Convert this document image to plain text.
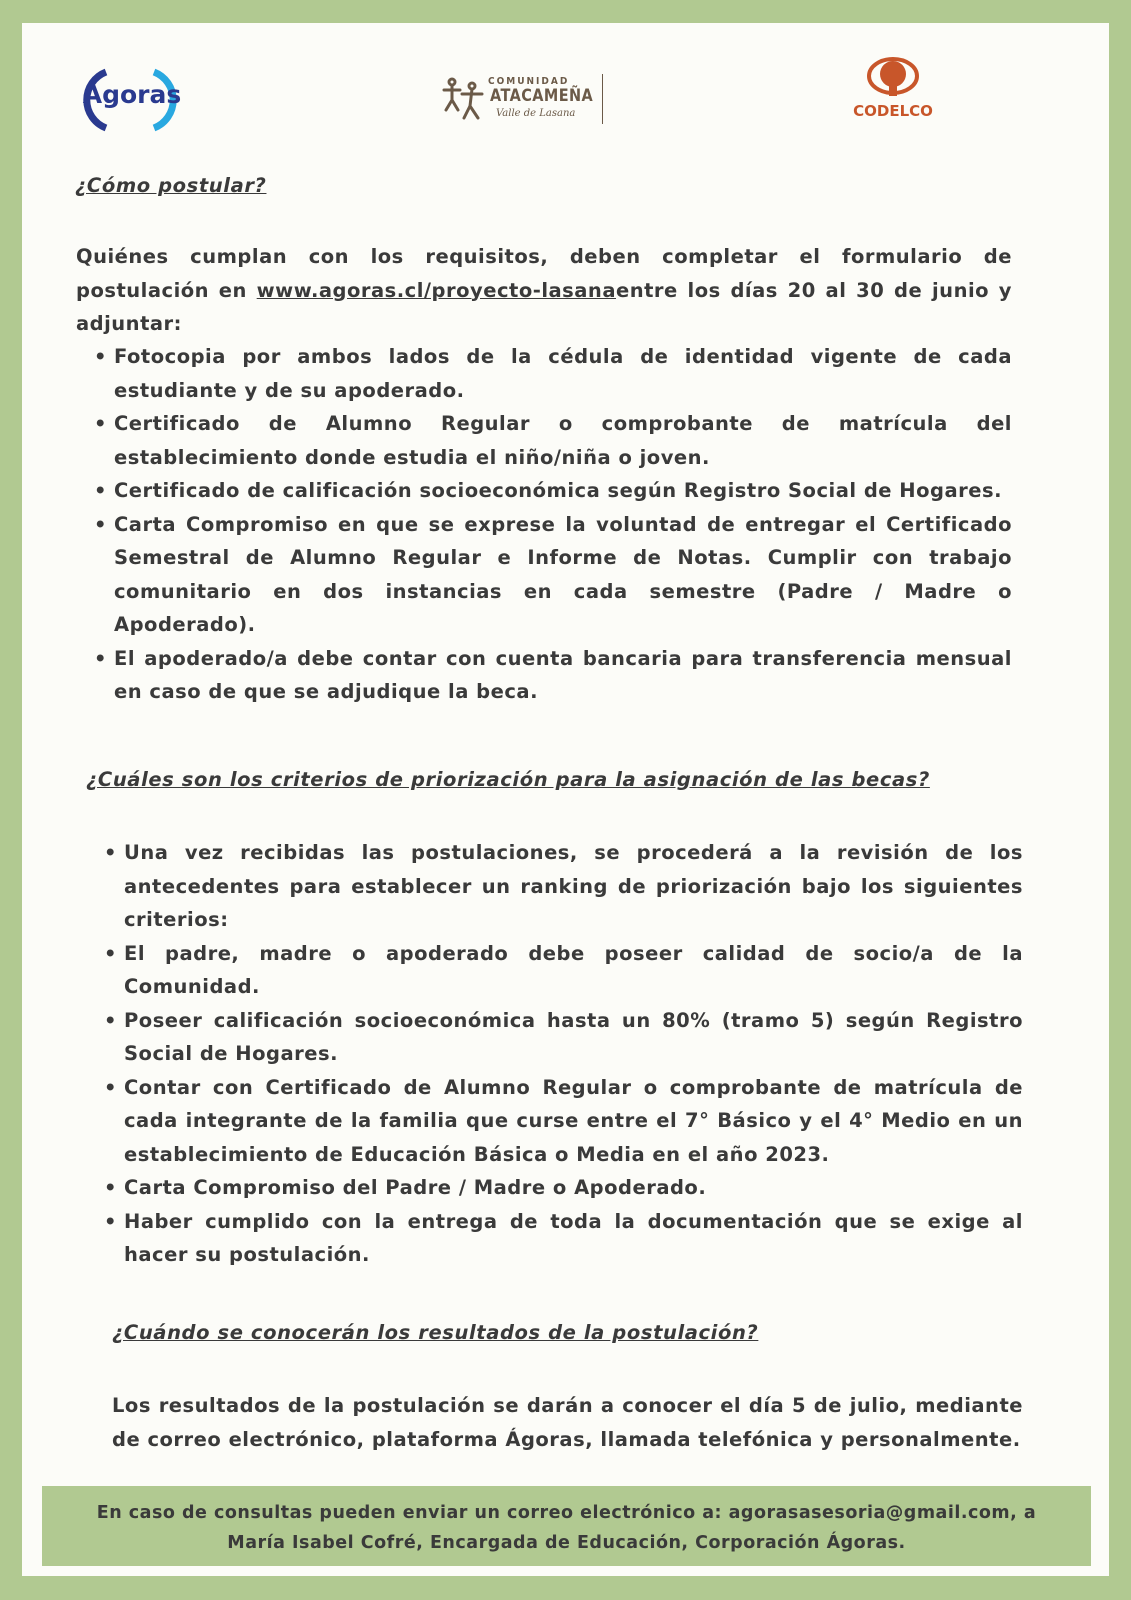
Ágoras	COMUNIDAD
ATACAMEÑA
Valle de Lasana	CODELCO
¿Cómo postular?

Quiénes cumplan con los requisitos, deben completar el formulario de postulación en www.agoras.cl/proyecto-lasanaentre los días 20 al 30 de junio y adjuntar:

• Fotocopia por ambos lados de la cédula de identidad vigente de cada estudiante y de su apoderado.
• Certificado de Alumno Regular o comprobante de matrícula del establecimiento donde estudia el niño/niña o joven.
• Certificado de calificación socioeconómica según Registro Social de Hogares.
• Carta Compromiso en que se exprese la voluntad de entregar el Certificado Semestral de Alumno Regular e Informe de Notas. Cumplir con trabajo comunitario en dos instancias en cada semestre (Padre / Madre o Apoderado).
• El apoderado/a debe contar con cuenta bancaria para transferencia mensual en caso de que se adjudique la beca.
¿Cuáles son los criterios de priorización para la asignación de las becas?
• Una vez recibidas las postulaciones, se procederá a la revisión de los antecedentes para establecer un ranking de priorización bajo los siguientes criterios:
• El padre, madre o apoderado debe poseer calidad de socio/a de la Comunidad.
• Poseer calificación socioeconómica hasta un 80% (tramo 5) según Registro Social de Hogares.
• Contar con Certificado de Alumno Regular o comprobante de matrícula de cada integrante de la familia que curse entre el 7° Básico y el 4° Medio en un establecimiento de Educación Básica o Media en el año 2023.
• Carta Compromiso del Padre / Madre o Apoderado.
• Haber cumplido con la entrega de toda la documentación que se exige al hacer su postulación.
¿Cuándo se conocerán los resultados de la postulación?

Los resultados de la postulación se darán a conocer el día 5 de julio, mediante de correo electrónico, plataforma Ágoras, llamada telefónica y personalmente.

En caso de consultas pueden enviar un correo electrónico a: agorasasesoria@gmail.com, a
María Isabel Cofré, Encargada de Educación, Corporación Ágoras.
